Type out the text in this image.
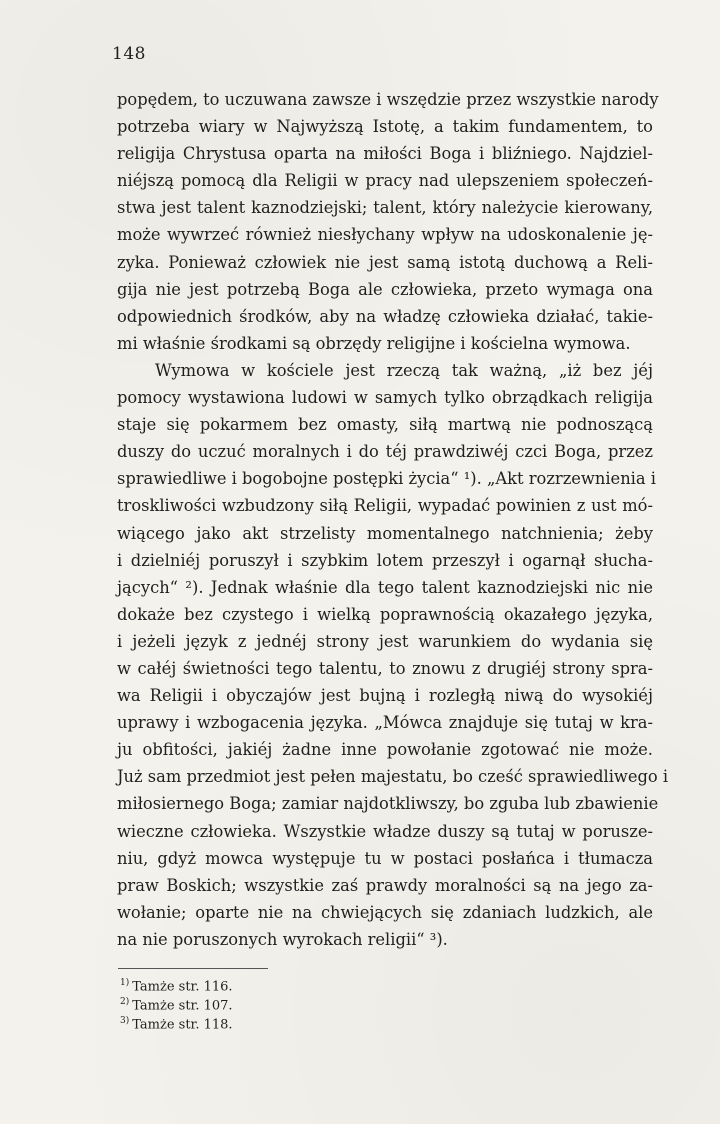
148
popędem, to uczuwana zawsze i wszędzie przez wszystkie narody
potrzeba wiary w Najwyższą Istotę, a takim fundamentem, to
religija Chrystusa oparta na miłości Boga i bliźniego. Najdziel-
niéjszą pomocą dla Religii w pracy nad ulepszeniem społeczeń-
stwa jest talent kaznodziejski; talent, który należycie kierowany,
może wywrzeć również niesłychany wpływ na udoskonalenie ję-
zyka. Ponieważ człowiek nie jest samą istotą duchową a Reli-
gija nie jest potrzebą Boga ale człowieka, przeto wymaga ona
odpowiednich środków, aby na władzę człowieka działać, takie-
mi właśnie środkami są obrzędy religijne i kościelna wymowa.
Wymowa w kościele jest rzeczą tak ważną, „iż bez jéj
pomocy wystawiona ludowi w samych tylko obrządkach religija
staje się pokarmem bez omasty, siłą martwą nie podnoszącą
duszy do uczuć moralnych i do téj prawdziwéj czci Boga, przez
sprawiedliwe i bogobojne postępki życia“ ¹). „Akt rozrzewnienia i
troskliwości wzbudzony siłą Religii, wypadać powinien z ust mó-
wiącego jako akt strzelisty momentalnego natchnienia; żeby
i dzielniéj poruszył i szybkim lotem przeszył i ogarnął słucha-
jących“ ²). Jednak właśnie dla tego talent kaznodziejski nic nie
dokaże bez czystego i wielką poprawnością okazałego języka,
i jeżeli język z jednéj strony jest warunkiem do wydania się
w całéj świetności tego talentu, to znowu z drugiéj strony spra-
wa Religii i obyczajów jest bujną i rozległą niwą do wysokiéj
uprawy i wzbogacenia języka. „Mówca znajduje się tutaj w kra-
ju obfitości, jakiéj żadne inne powołanie zgotować nie może.
Już sam przedmiot jest pełen majestatu, bo cześć sprawiedliwego i
miłosiernego Boga; zamiar najdotkliwszy, bo zguba lub zbawienie
wieczne człowieka. Wszystkie władze duszy są tutaj w porusze-
niu, gdyż mowca występuje tu w postaci posłańca i tłumacza
praw Boskich; wszystkie zaś prawdy moralności są na jego za-
wołanie; oparte nie na chwiejących się zdaniach ludzkich, ale
na nie poruszonych wyrokach religii“ ³).
$^{1)}$ Tamże str. 116.
$^{2)}$ Tamże str. 107.
$^{3)}$ Tamże str. 118.
